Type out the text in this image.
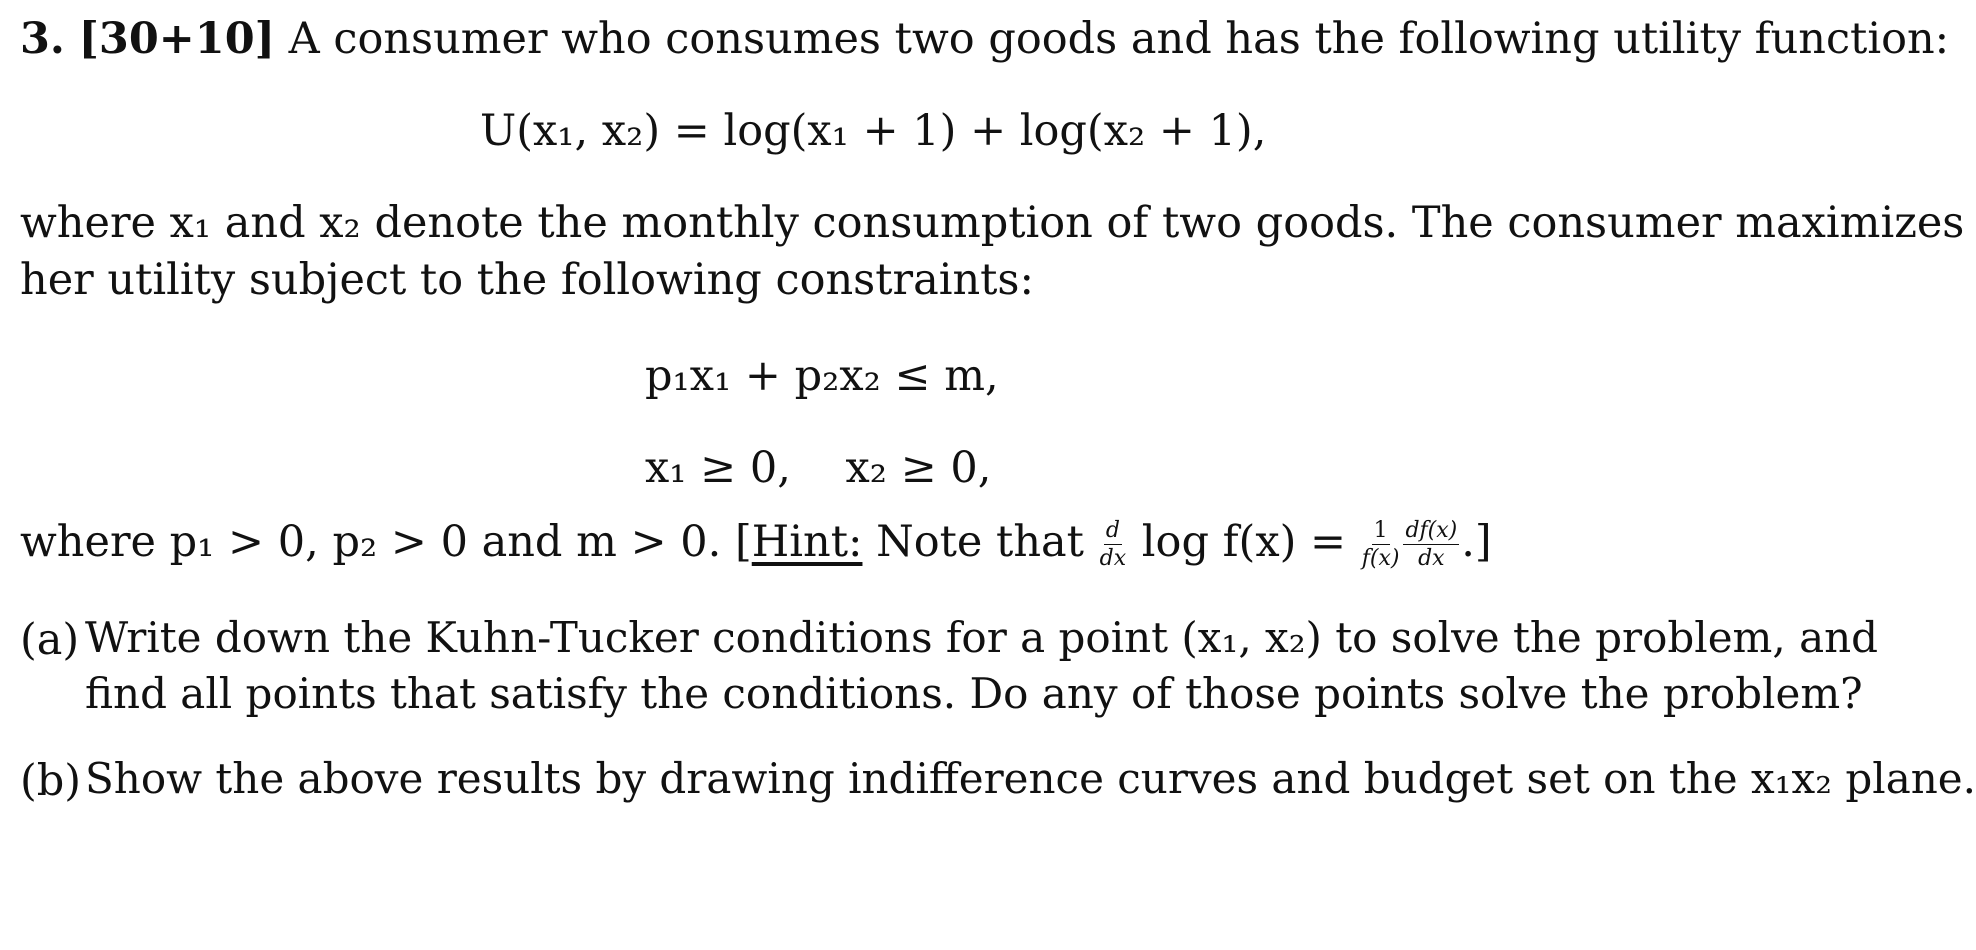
3. [30+10] A consumer who consumes two goods and has the following utility function:
U(x₁, x₂) = log(x₁ + 1) + log(x₂ + 1),
where x₁ and x₂ denote the monthly consumption of two goods. The consumer maximizes
her utility subject to the following constraints:
p₁x₁ + p₂x₂ ≤ m,
x₁ ≥ 0,    x₂ ≥ 0,
where p₁ > 0, p₂ > 0 and m > 0. [Hint: Note that $\frac{d}{dx}$ $\log f(x) = \frac{1}{f(x)} \frac{df(x)}{dx}$ .]
(a) Write down the Kuhn-Tucker conditions for a point (x₁, x₂) to solve the problem, and
find all points that satisfy the conditions. Do any of those points solve the problem?
(b) Show the above results by drawing indifference curves and budget set on the x₁x₂ plane.
